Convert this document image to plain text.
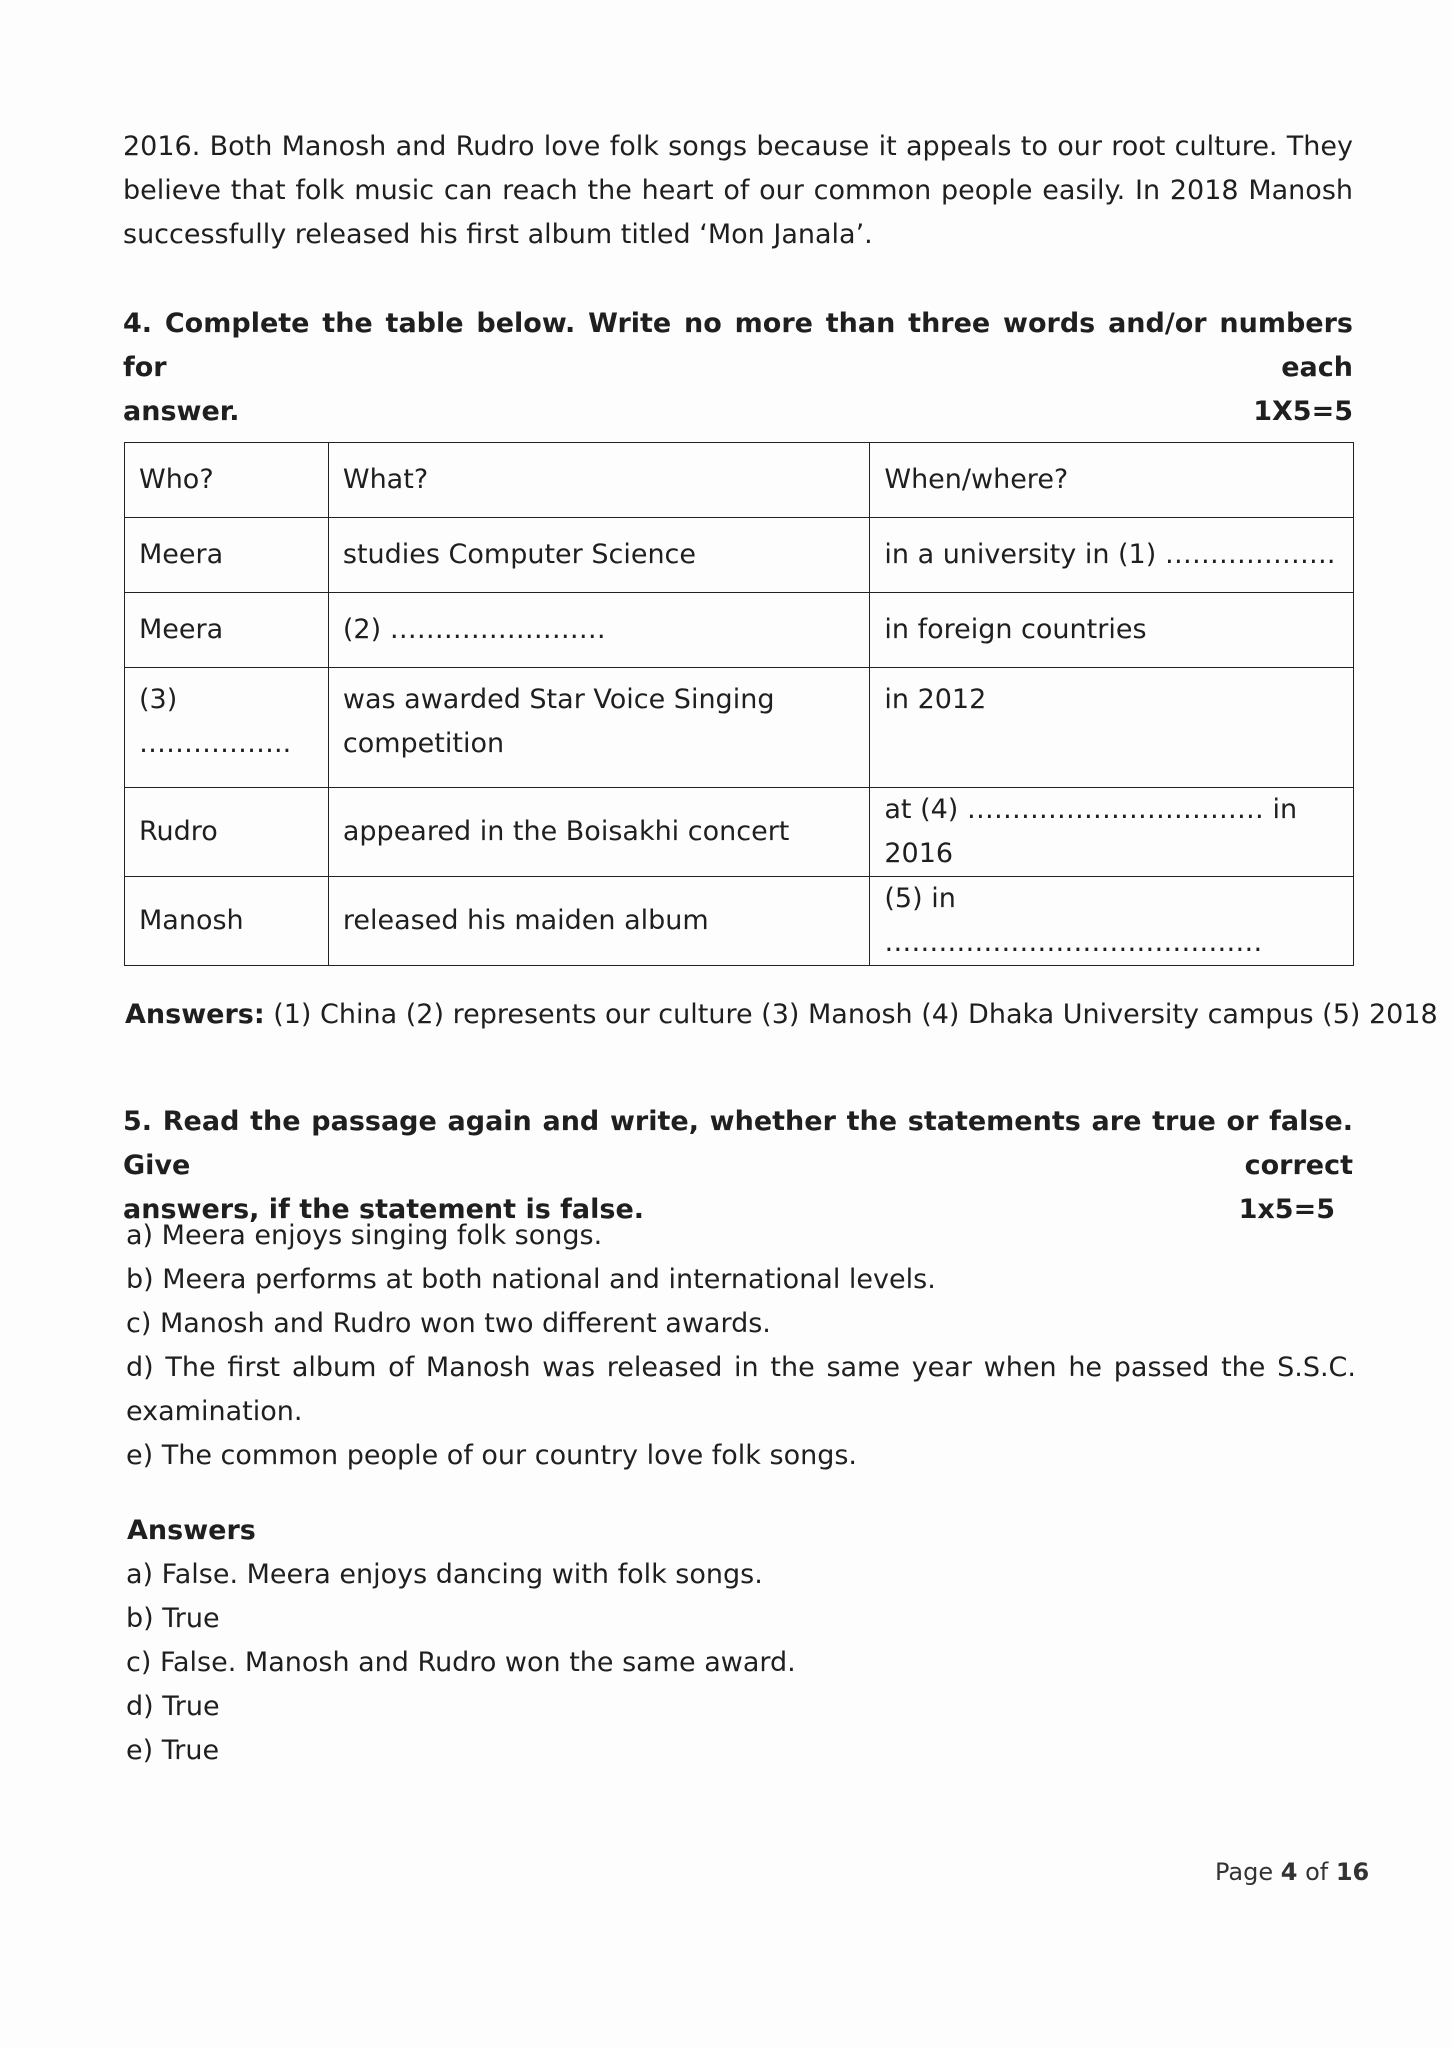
2016. Both Manosh and Rudro love folk songs because it appeals to our root culture. They
believe that folk music can reach the heart of our common people easily. In 2018 Manosh
successfully released his first album titled ‘Mon Janala’.
4. Complete the table below. Write no more than three words and/or numbers for each
answer.	1X5=5
Who?	What?	When/where?
Meera	studies Computer Science	in a university in (1) ……………….
Meera	(2) ……………………	in foreign countries
(3) ……………..	was awarded Star Voice Singing competition	in 2012
Rudro	appeared in the Boisakhi concert	at (4) …………………………… in 2016
Manosh	released his maiden album	(5) in ……………………………………
Answers: (1) China (2) represents our culture (3) Manosh (4) Dhaka University campus (5) 2018
5. Read the passage again and write, whether the statements are true or false. Give correct
answers, if the statement is false.	1x5=5
a) Meera enjoys singing folk songs.
b) Meera performs at both national and international levels.
c) Manosh and Rudro won two different awards.
d) The first album of Manosh was released in the same year when he passed the S.S.C.
examination.
e) The common people of our country love folk songs.
Answers
a) False. Meera enjoys dancing with folk songs.
b) True
c) False. Manosh and Rudro won the same award.
d) True
e) True
Page 4 of 16
